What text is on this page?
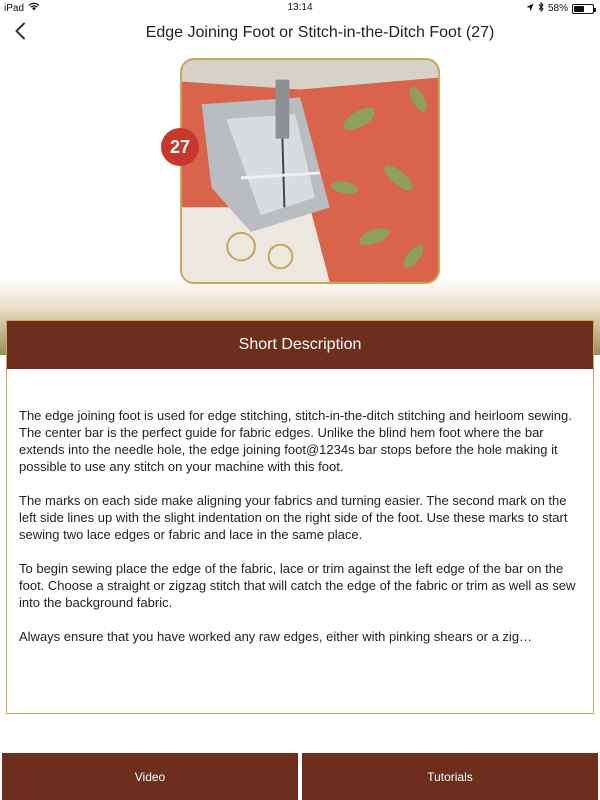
iPad	13:14	58%
Edge Joining Foot or Stitch-in-the-Ditch Foot (27)
27
Short Description

The edge joining foot is used for edge stitching, stitch-in-the-ditch stitching and heirloom sewing. The center bar is the perfect guide for fabric edges. Unlike the blind hem foot where the bar extends into the needle hole, the edge joining foot@1234s bar stops before the hole making it possible to use any stitch on your machine with this foot.

The marks on each side make aligning your fabrics and turning easier. The second mark on the left side lines up with the slight indentation on the right side of the foot. Use these marks to start sewing two lace edges or fabric and lace in the same place.

To begin sewing place the edge of the fabric, lace or trim against the left edge of the bar on the foot. Choose a straight or zigzag stitch that will catch the edge of the fabric or trim as well as sew into the background fabric.

Always ensure that you have worked any raw edges, either with pinking shears or a zig…

Video	Tutorials
